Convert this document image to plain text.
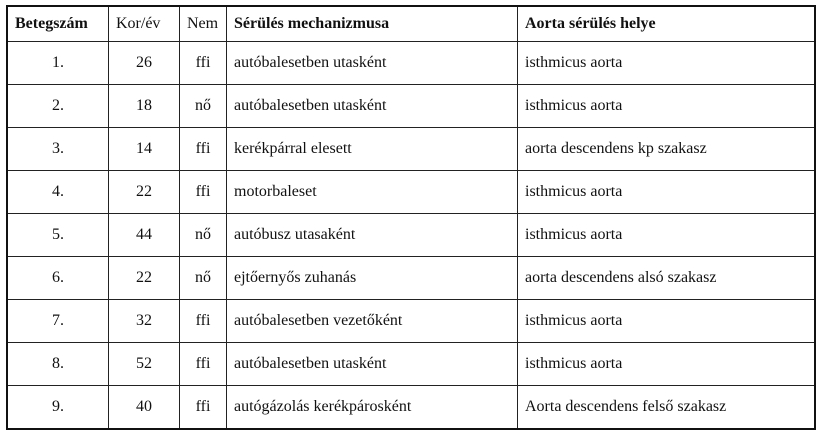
Betegszám	Kor/év	Nem	Sérülés mechanizmusa	Aorta sérülés helye
1.	26	ffi	autóbalesetben utasként	isthmicus aorta
2.	18	nő	autóbalesetben utasként	isthmicus aorta
3.	14	ffi	kerékpárral elesett	aorta descendens kp szakasz
4.	22	ffi	motorbaleset	isthmicus aorta
5.	44	nő	autóbusz utasaként	isthmicus aorta
6.	22	nő	ejtőernyős zuhanás	aorta descendens alsó szakasz
7.	32	ffi	autóbalesetben vezetőként	isthmicus aorta
8.	52	ffi	autóbalesetben utasként	isthmicus aorta
9.	40	ffi	autógázolás kerékpárosként	Aorta descendens felső szakasz
